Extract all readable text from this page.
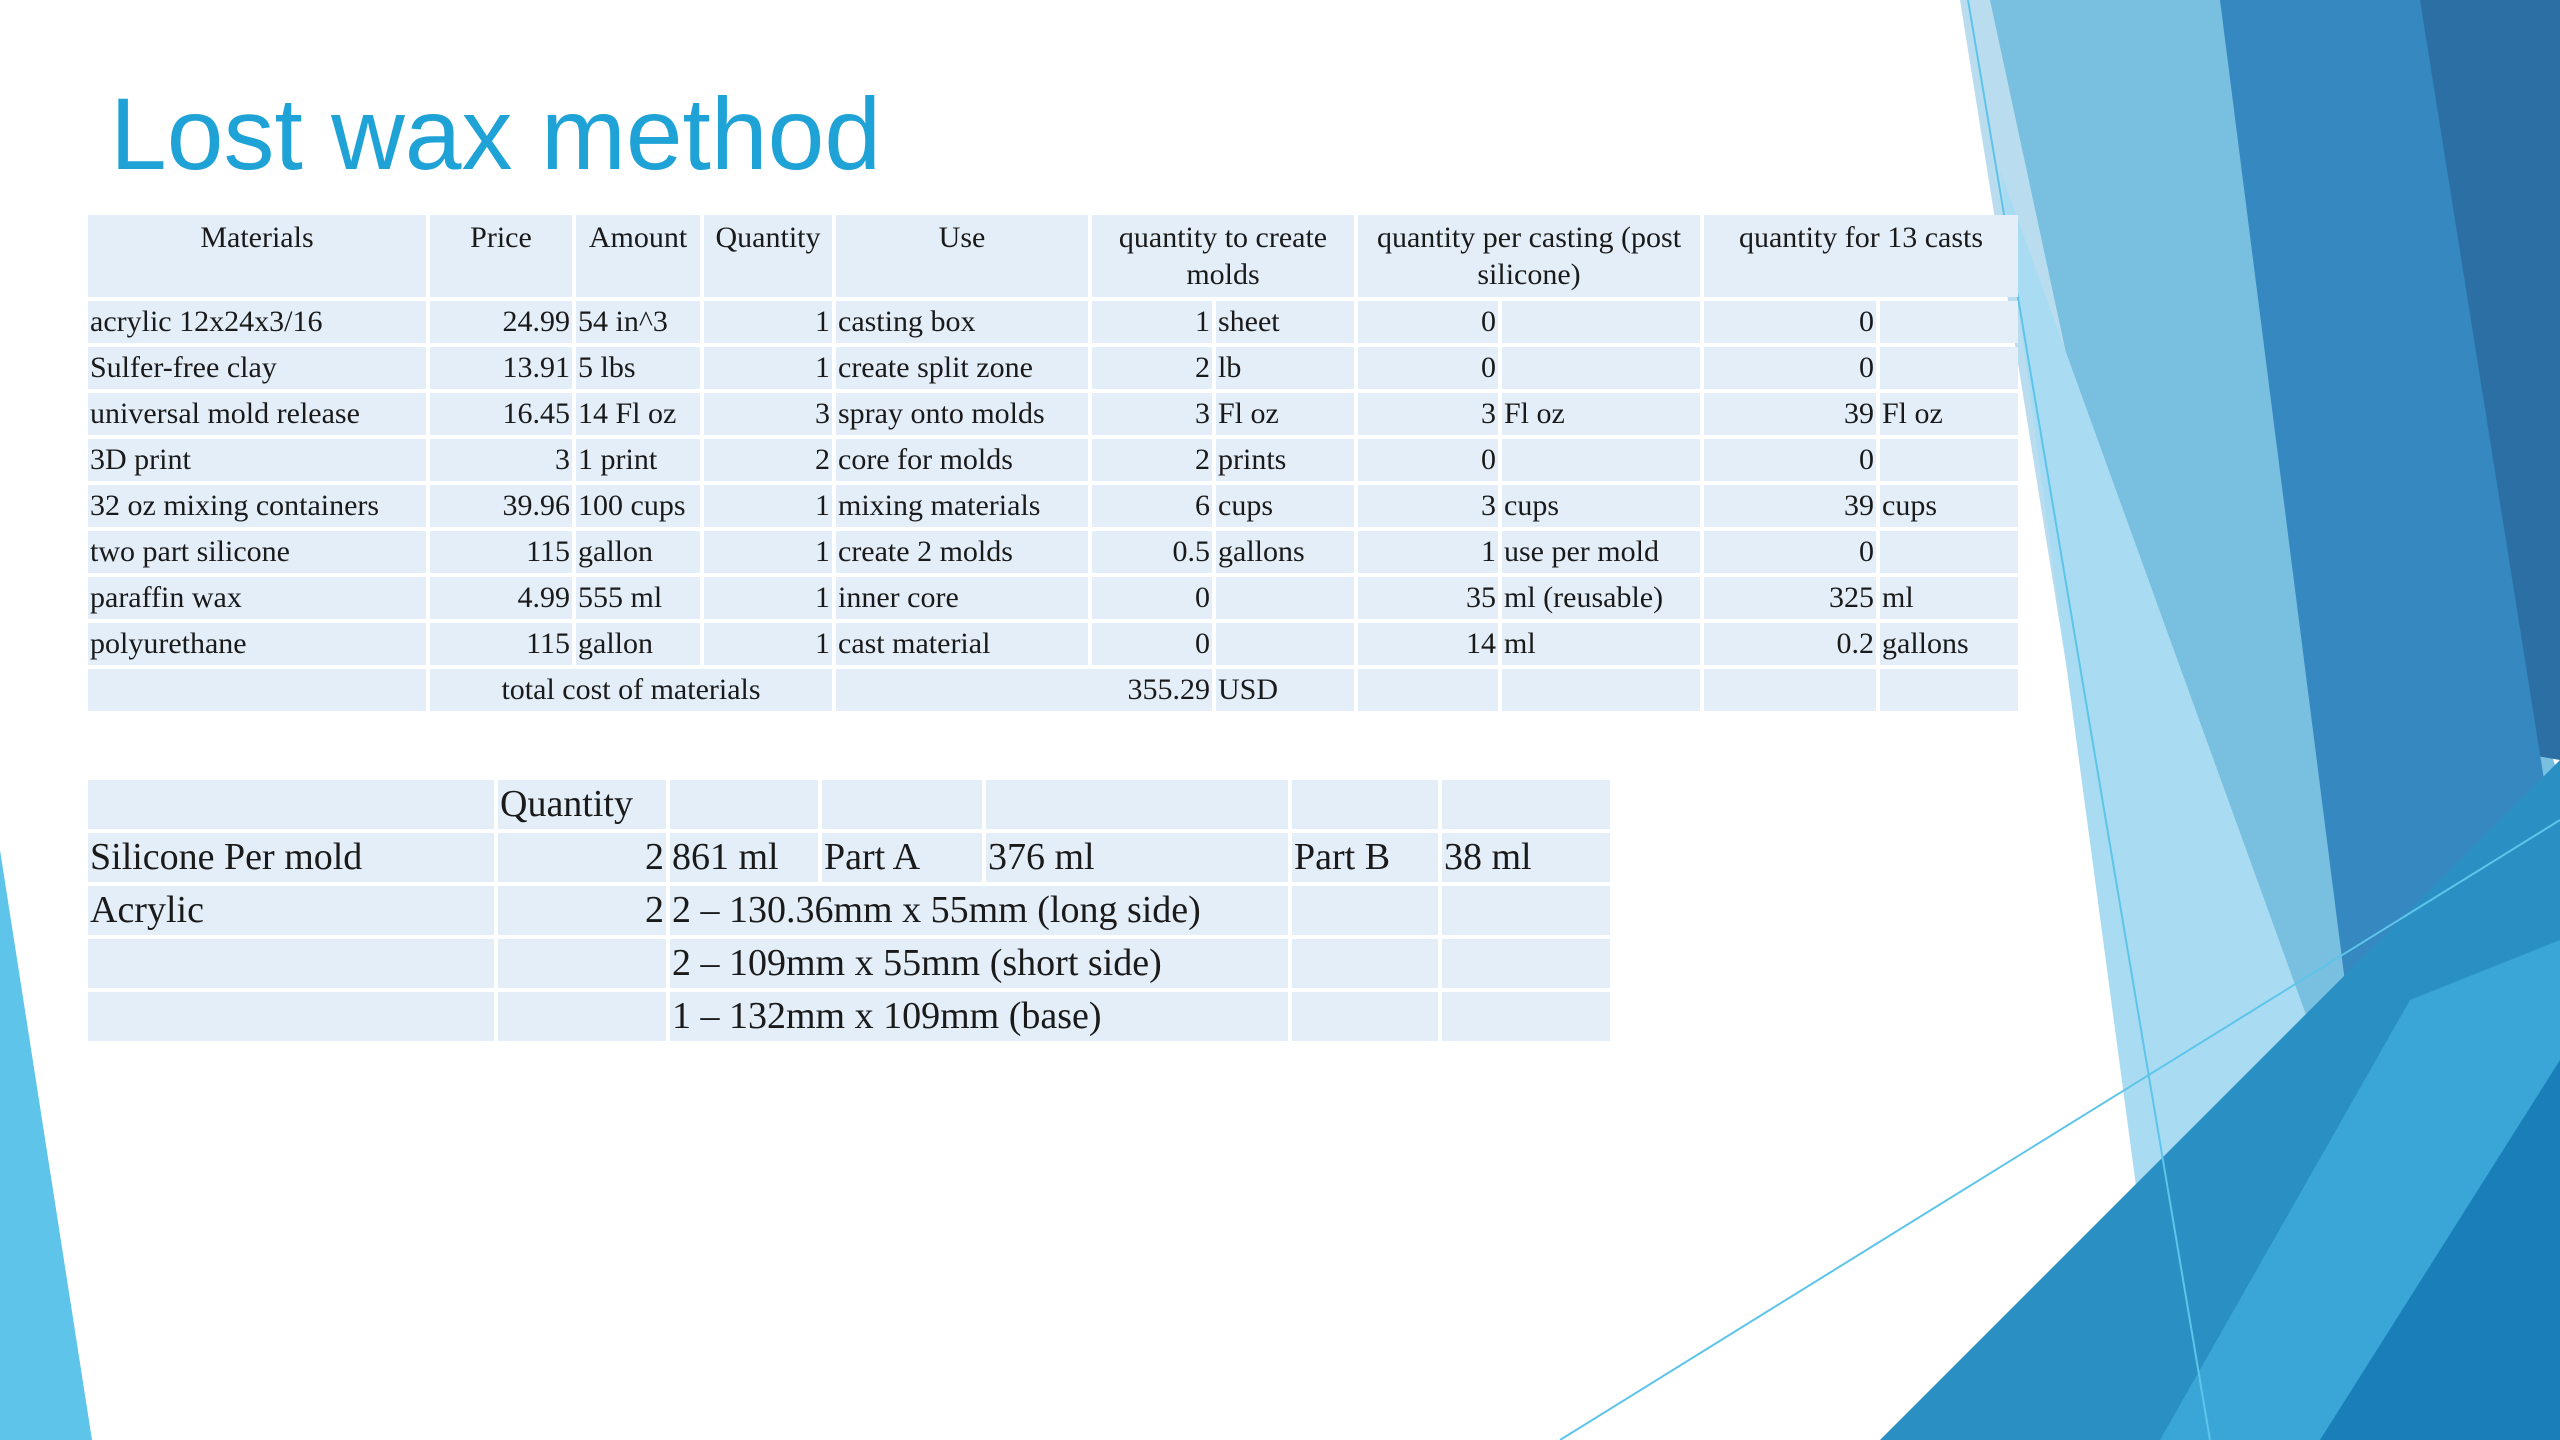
Lost wax method
Materials	Price	Amount	Quantity	Use	quantity to create molds		quantity per casting (post silicone)		quantity for 13 casts	
acrylic 12x24x3/16	24.99	54 in^3	1	casting box	1	sheet	0		0	
Sulfer-free clay	13.91	5 lbs	1	create split zone	2	lb	0		0	
universal mold release	16.45	14 Fl oz	3	spray onto molds	3	Fl oz	3	Fl oz	39	Fl oz
3D print	3	1 print	2	core for molds	2	prints	0		0	
32 oz mixing containers	39.96	100 cups	1	mixing materials	6	cups	3	cups	39	cups
two part silicone	115	gallon	1	create 2 molds	0.5	gallons	1	use per mold	0	
paraffin wax	4.99	555 ml	1	inner core	0		35	ml (reusable)	325	ml
polyurethane	115	gallon	1	cast material	0		14	ml	0.2	gallons
	total cost of materials			355.29		USD				
	Quantity					
Silicone Per mold	2	861 ml	Part A	376 ml	Part B	38 ml
Acrylic	2	2 – 130.36mm x 55mm (long side)				
		2 – 109mm x 55mm (short side)				
		1 – 132mm x 109mm (base)				
